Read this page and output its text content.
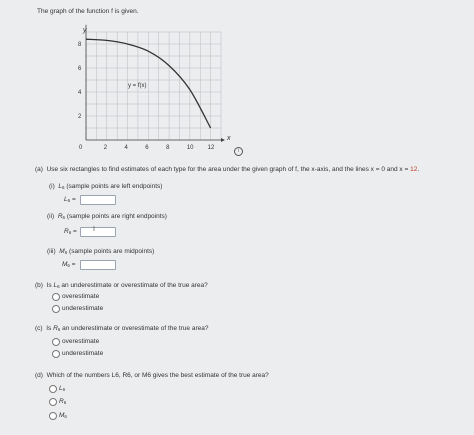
The graph of the function f is given.
y
x
y = f(x)
0	2	4	6	8	10 12
8
6
4
2
i
(a) Use six rectangles to find estimates of each type for the area under the given graph of f, the x-axis, and the lines x = 0 and x = 12.
(i) $L_6$ (sample points are left endpoints)
$L_6$ =
(ii) $R_6$ (sample points are right endpoints)
$R_6 = I$
(iii) $M_6$ (sample points are midpoints)
$M_6$ =
(b) Is $L_6$ an underestimate or overestimate of the true area?
overestimate
underestimate
(c) Is $R_6$ an underestimate or overestimate of the true area?
overestimate
underestimate
(d) Which of the numbers L6, R6, or M6 gives the best estimate of the true area?
$L_6$
$R_6$
$M_6$
